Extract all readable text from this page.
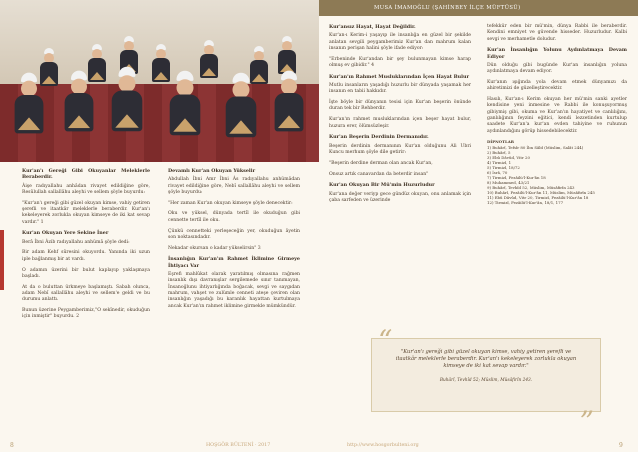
Kur'an'ı Gereği Gibi Okuyanlar Meleklerle Beraberdir.

Âişe radıyallahu anhâdan rivayet edildiğine göre, Resûlullah sallallâhu aleyhi ve sellem şöyle buyurdu:

"Kur'an'ı gereği gibi güzel okuyan kimse, vahiy getiren şerefli ve itaatkâr meleklerle beraberdir. Kur'an'ı kekeleyerek zorlukla okuyan kimseye de iki kat sevap vardır." 1

Kur'an Okuyan Yere Sekine İner

Berâ İbni Âzib radıyallahu anhümâ şöyle dedi:

Bir adam Kehf sûresini okuyordu. Yanında iki uzun iple bağlanmış bir at vardı.

O adamın üzerini bir bulut kaplayıp yaklaşmaya başladı.

At da o buluttan ürkmeye başlamıştı. Sabah olunca, adam Nebî sallallâhu aleyhi ve sellem'e geldi ve bu durumu anlattı.

Bunun üzerine Peygamberimiz,"O sekînedir, okuduğun için inmiştir" buyurdu. 2

Devamlı Kur'an Okuyan Yükselir

Abdullah İbni Amr İbni Âs radıyallahu anhümâdan rivayet edildiğine göre, Nebî sallallâhu aleyhi ve sellem şöyle buyurdu:

"Her zaman Kur'an okuyan kimseye şöyle denecektir:

Oku ve yüksel, dünyada tertîl ile okuduğun gibi cennette tertîl ile oku.

Çünkü cennetteki yerleşeceğin yer, okuduğun âyetin son noktasındadır.

Nekadar okursan o kadar yükselirsin" 3

İnsanlığın Kur'an'ın Rahmet İklimine Girmeye İhtiyacı Var

Eşrefi mahlûkat olarak yaratılmış olmasına rağmen insanlık dışı davranışlar sergilemede sınır tanımayan, İnsanoğlunu ihtiyarlığında boğacak, sevgi ve saygıdan mahrum, vahşet ve zulümle cenneti ateşe çeviren olan insanlığın yaşadığı bu karanlık hayattan kurtulmaya ancak Kur'an'ın rahmet iklimine girmekle mümkündür.

8	HOŞGÖR BÜLTENİ · 2017
MUSA İMAMOĞLU (ŞAHİNBEY İLÇE MÜFTÜSÜ)
Kur'ansız Hayat, Hayat Değildir.

Kur'an-ı Kerim-i yaşayıp ile insanlığa en güzel bir şekilde anlatan sevgili peygamberimiz Kur'an dan mahrum kalan insanın perişan halini şöyle ifade ediyor:

"Erbeninde Kur'andan bir şey bulunmayan kimse harap olmuş ev gibidir." 4

Kur'an'ın Rahmet Musluklarından İçen Hayat Bulur

Mutlu insanların yaşadığı huzurlu bir dünyada yaşamak her insanın en tabii hakkıdır.

İşte böyle bir dünyanın tesisi için Kur'an beşerin önünde duran tek bir Rehberdir.

Kur'an'ın rahmet musluklarından içen beşer hayat bulur, huzura erer, ölümsüzleşir.

Kur'an Beşerin Derdinin Dermanıdır.

Beşerin derdinin dermanının Kur'an olduğunu Ali Ubri Kuncu merhum şöyle dile getirir:

"Beşerin derdine derman olan ancak Kur'an,

Onsuz artık canavardan da beterdir insan"

Kur'an Okuyan Bir Mü'min Huzurludur

Kur'ana değer veriyp gece gündüz okuyan, onu anlamak için çaba sarfeden ve üzerinde

tefekkür eden bir mü'min, dünya Rabbi ile beraberdir. Kendini emniyet ve güvende hisseder. Huzurludur. Kalbi sevgi ve merhametle doludur.

Kur'an İnsanlığın Yolunu Aydınlatmaya Devam Ediyor

Dün olduğu gibi bugünde Kur'an insanlığın yoluna aydınlatmaya devam ediyor.

Kur'anın ışığında yola devam etmek dünyamızı da ahiretimizi de güzelleştirecektir.

Hasılı, Kur'an-ı Kerim okuyan her mü'min sanki ayetler kendisine yeni inmesine ve Rabbi ile konuşuyormuş gibiymiş gibi, okuma ve Kur'an'ın hayatiyet ve canlılığını, ganlılığının feyzini eğitici, kendi lezzetinden kurtulup saadete Kur'an'a kur'an evden tahiyine ve ruhunun aydınlandığını görüp hissedebilecektir.

DİPNOTLAR

1) Buhârî, Tefsîr 80 İbn Sâbî (Müslim, Salât 244)
2) Buhârî, 5
3) Ebû Dâvûd, Vitr 20
4) Tirmizî, 1
5) Tirmizî, 18/72
6) İsrâ, 70
7) Tirmizî, Fezâilü'l-Kur'ân 18
8) Muhammed, 43/21
9) Buhârî, Tevhîd 52, Müslim, Müsâfirîn 243
10) Buhârî, Fezâilü'l-Kur'ân 11, Müslim, Müsâfirîn 245
11) Ebû Dâvûd, Vitr 20, Tirmizî, Fezâilü'l-Kur'ân 18
12) Tirmizî, Fezâilü'l-Kur'ân, 18/1, 177
“
”
"Kur'an'ı gereği gibi güzel okuyan kimse, vahiy getiren şerefli ve itaatkâr meleklerle beraberdir. Kur'an'ı kekeleyerek zorlukla okuyan kimseye de iki kat sevap vardır."
Buhârî, Tevhîd 52; Müslim, Müsâfirîn 243.
http://www.hosgorbulteni.org	9
